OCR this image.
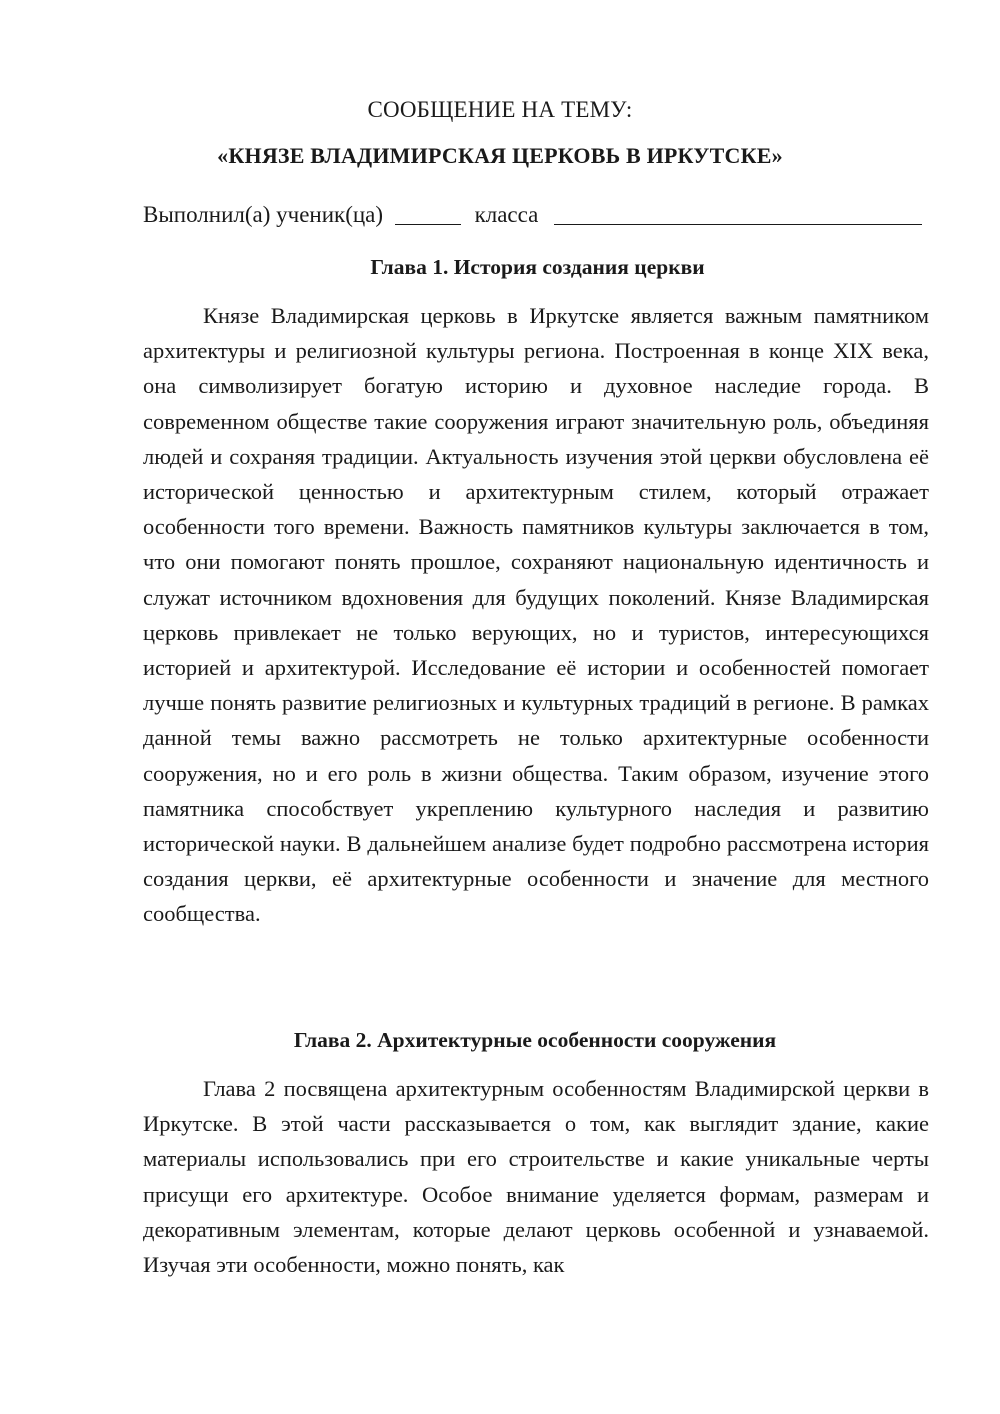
СООБЩЕНИЕ НА ТЕМУ:
«КНЯЗЕ ВЛАДИМИРСКАЯ ЦЕРКОВЬ В ИРКУТСКЕ»
Выполнил(а) ученик(ца)	класса
Глава 1. История создания церкви

Князе Владимирская церковь в Иркутске является важным памятником архитектуры и религиозной культуры региона. Построенная в конце XIX века, она символизирует богатую историю и духовное наследие города. В современном обществе такие сооружения играют значительную роль, объединяя людей и сохраняя традиции. Актуальность изучения этой церкви обусловлена её исторической ценностью и архитектурным стилем, который отражает особенности того времени. Важность памятников культуры заключается в том, что они помогают понять прошлое, сохраняют национальную идентичность и служат источником вдохновения для будущих поколений. Князе Владимирская церковь привлекает не только верующих, но и туристов, интересующихся историей и архитектурой. Исследование её истории и особенностей помогает лучше понять развитие религиозных и культурных традиций в регионе. В рамках данной темы важно рассмотреть не только архитектурные особенности сооружения, но и его роль в жизни общества. Таким образом, изучение этого памятника способствует укреплению культурного наследия и развитию исторической науки. В дальнейшем анализе будет подробно рассмотрена история создания церкви, её архитектурные особенности и значение для местного сообщества.

Глава 2. Архитектурные особенности сооружения

Глава 2 посвящена архитектурным особенностям Владимирской церкви в Иркутске. В этой части рассказывается о том, как выглядит здание, какие материалы использовались при его строительстве и какие уникальные черты присущи его архитектуре. Особое внимание уделяется формам, размерам и декоративным элементам, которые делают церковь особенной и узнаваемой. Изучая эти особенности, можно понять, как
